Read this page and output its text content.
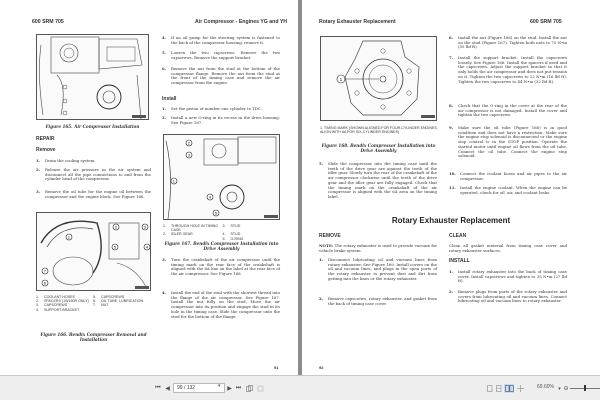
600 SRM 705	Air Compressor - Engines YG and YH
Figure 165. Air Compressor Installation
REPAIR
Remove
1.	Drain the cooling system.
2.	Release the air pressure in the air system and disconnect all the pipe connections to and from the cylinder head of the compressor.
3.	Remove the oil tube for the engine oil between the compressor and the engine block. See Figure 166.
1
2	3
4
5
6
7
1.	COOLANT HOSES	5.	CAPSCREWS
2.	SPACERS (1W150R ONLY) 6.	OIL TUBE, LUBRICATION
3.	CAPSCREWS	7.	NUT
4.	SUPPORT BRACKET
Figure 166. Bendix Compressor Removal and Installation
4.	If an oil pump for the steering system is fastened to the back of the compressor housing, remove it.
5.	Loosen the two capscrews. Remove the two capscrews. Remove the support bracket.
6.	Remove the nut from the stud at the bottom of the compressor flange. Remove the nut from the stud at the front of the timing case and remove the air compressor from the engine.
Install
1.	Set the piston of number one cylinder to TDC.
2.	Install a new O-ring in its recess in the drive housing. See Figure 167.
2
3
1
4
5
1.	THROUGH HOLE IN TIMING CASE
3.	STUD
2.	IDLER GEAR	4.	STUD
5.	O-RING
Figure 167. Bendix Compressor Installation into Drive Assembly
3.	Turn the crankshaft of the air compressor until the timing mark on the rear face of the crankshaft is aligned with the 6A line on the label at the rear face of the air compressor. See Figure 168.
4.	Install the end of the stud with the shortest thread into the flange of the air compressor. See Figure 167. Install the nut fully on the stud. Move the air compressor into its position and engage the stud in its hole in the timing case. Slide the compressor onto the stud for the bottom of the flange.
91
Rotary Exhauster Replacement	600 SRM 705
1
1. TIMING MARK (SHOWN ALIGNED FOR FOUR-CYLINDER ENGINES, ALIGN WITH 6A FOR SIX-CYLINDER ENGINES)
Figure 168. Bendix Compressor Installation into Drive Assembly
5.	Slide the compressor into the timing case until the teeth of the drive gear are against the teeth of the idler gear. Slowly turn the rear of the crankshaft of the air compressor clockwise until the teeth of the drive gear and the idler gear are fully engaged. Check that the timing mark on the crankshaft of the air compressor is aligned with the 6A area on the timing label.
6.	Install the nut (Figure 166) on the stud. Install the nut on the stud (Figure 167). Tighten both nuts to 75 N•m (55 lbf ft).
7.	Install the support bracket. Install the capscrews loosely. See Figure 166. Install the spacers if used and the capscrews. Adjust the support bracket so that it only holds the air compressor and does not put tension on it. Tighten the two capscrews to 22 N•m (16 lbf ft). Tighten the two capscrews to 44 N•m (32 lbf ft).
8.	Check that the O-ring in the cover at the rear of the air compressor is not damaged. Install the cover and tighten the two capscrews.
9.	Make sure the oil tube (Figure 166) is in good condition and does not have a restriction. Make sure the engine stop solenoid is disconnected or the engine stop control is in the STOP position. Operate the started motor until engine oil flows from the oil tube. Connect the oil tube. Connect the engine stop solenoid.
10.	Connect the coolant hoses and air pipes to the air compressor.
11.	Install the engine coolant. When the engine can be operated, check for oil, air, and coolant leaks.
Rotary Exhauster Replacement
REMOVE
NOTE: The rotary exhauster is used to provide vacuum for vehicle brake system.
1.	Disconnect lubricating oil and vacuum lines from rotary exhauster. See Figure 169. Install covers on the oil and vacuum lines, and plugs in the open ports of the rotary exhauster to prevent dust and dirt from getting into the lines or the rotary exhauster.
2.	Remove capscrews, rotary exhauster, and gasket from the back of timing case cover.
CLEAN
Clean all gasket material from timing case cover and rotary exhauster surfaces.
INSTALL
1.	Install rotary exhauster into the back of timing case cover. Install capscrews and tighten to 35 N•m (27 lbf ft).
2.	Remove plugs from ports of the rotary exhauster and covers from lubricating oil and vacuum lines. Connect lubricating oil and vacuum lines to rotary exhauster.
92
⏮ ◀	99 / 132	▾ ▶ ⏭	69.60% ▾ ⊖
